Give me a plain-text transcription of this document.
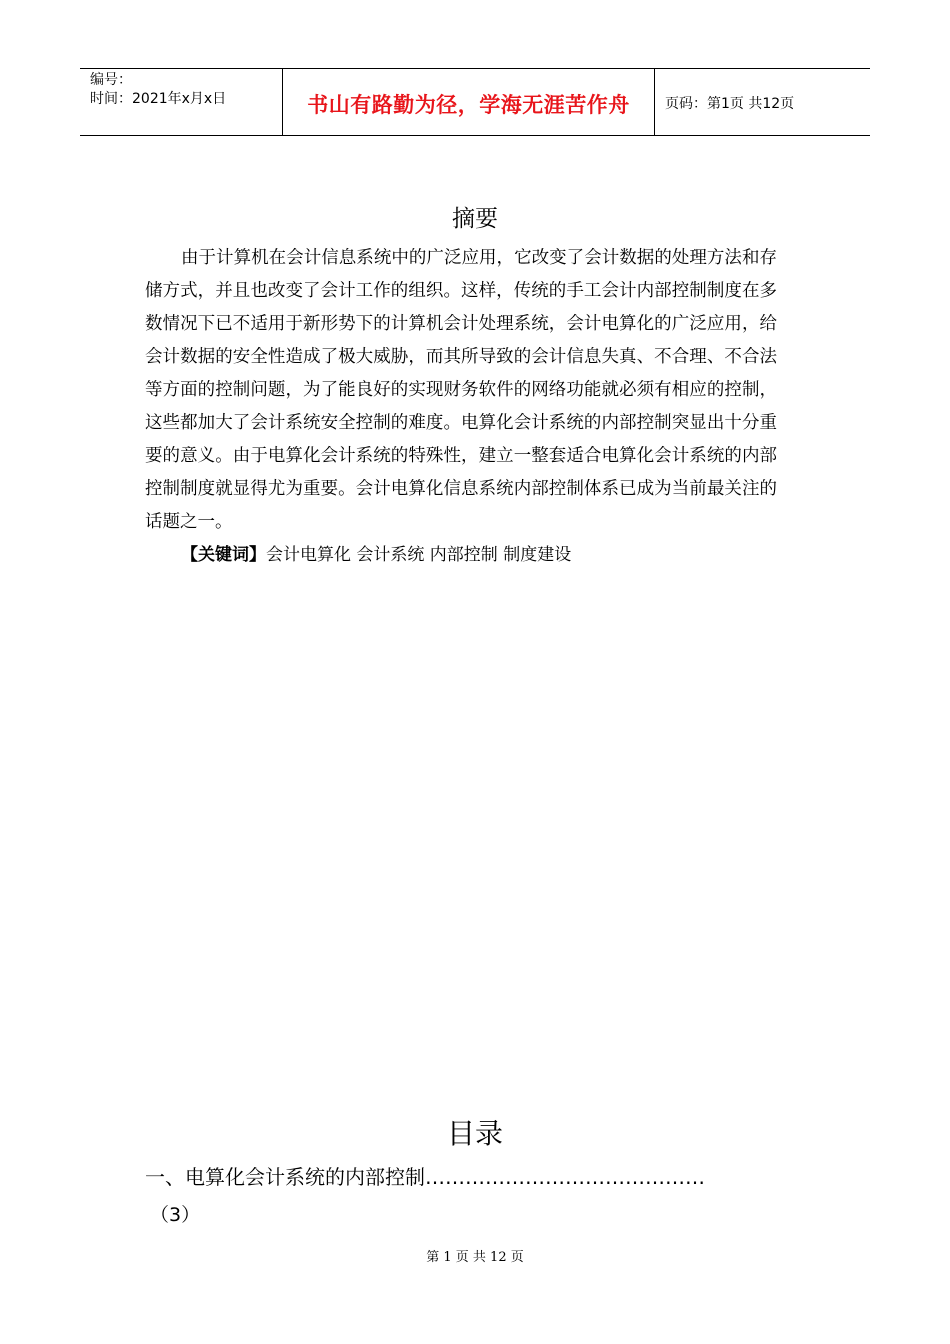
编号：
时间：2021年x月x日	书山有路勤为径，学海无涯苦作舟	页码：第1页 共12页
摘要

由于计算机在会计信息系统中的广泛应用，它改变了会计数据的处理方法和存储方式，并且也改变了会计工作的组织。这样，传统的手工会计内部控制制度在多数情况下已不适用于新形势下的计算机会计处理系统，会计电算化的广泛应用，给会计数据的安全性造成了极大威胁，而其所导致的会计信息失真、不合理、不合法等方面的控制问题，为了能良好的实现财务软件的网络功能就必须有相应的控制，这些都加大了会计系统安全控制的难度。电算化会计系统的内部控制突显出十分重要的意义。由于电算化会计系统的特殊性，建立一整套适合电算化会计系统的内部控制制度就显得尤为重要。会计电算化信息系统内部控制体系已成为当前最关注的话题之一。

【关键词】会计电算化 会计系统 内部控制 制度建设
目录
一、电算化会计系统的内部控制……………………………………
（3）
第 1 页 共 12 页
